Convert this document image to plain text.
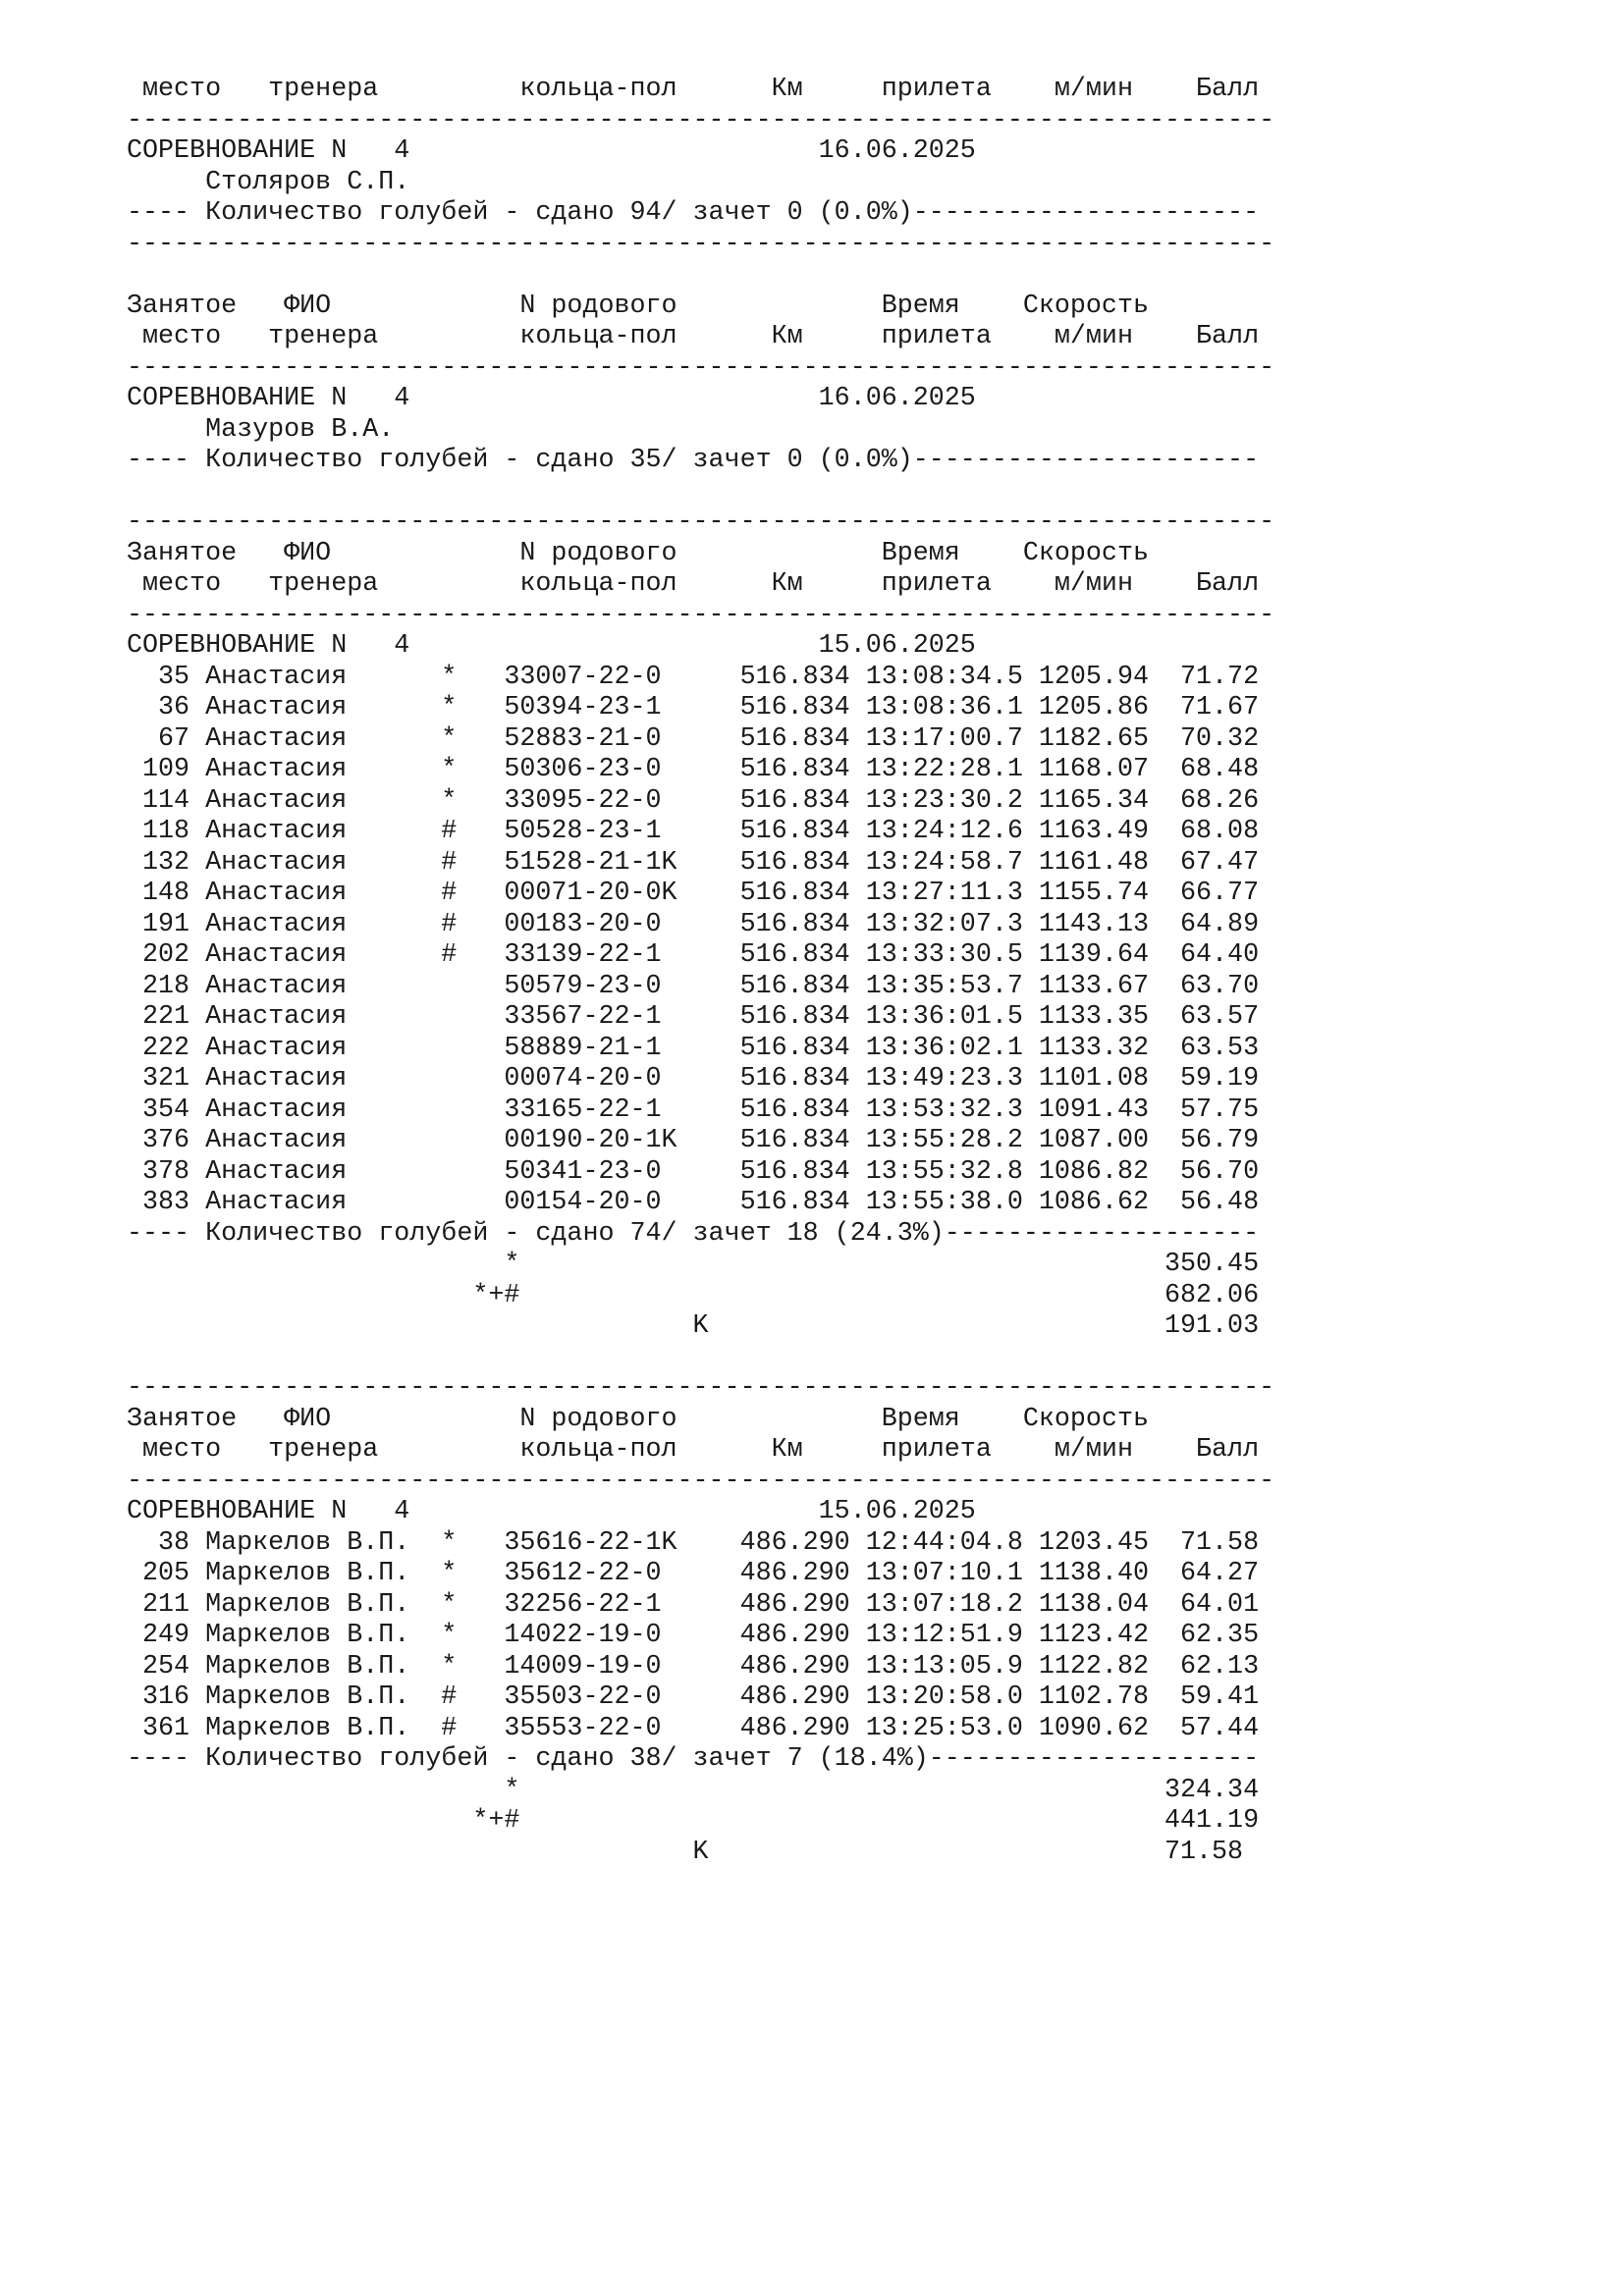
место   тренера         кольца-пол      Км     прилета    м/мин    Балл
-------------------------------------------------------------------------
СОРЕВНОВАНИЕ N   4                          16.06.2025
Столяров С.П.
---- Количество голубей - сдано 94/ зачет 0 (0.0%)----------------------
-------------------------------------------------------------------------
Занятое   ФИО            N родового             Время    Скорость
место   тренера         кольца-пол      Км     прилета    м/мин    Балл
-------------------------------------------------------------------------
СОРЕВНОВАНИЕ N   4                          16.06.2025
Мазуров В.А.
---- Количество голубей - сдано 35/ зачет 0 (0.0%)----------------------
-------------------------------------------------------------------------
Занятое   ФИО            N родового             Время    Скорость
место   тренера         кольца-пол      Км     прилета    м/мин    Балл
-------------------------------------------------------------------------
СОРЕВНОВАНИЕ N   4                          15.06.2025
35 Анастасия      *   33007-22-0     516.834 13:08:34.5 1205.94  71.72
36 Анастасия      *   50394-23-1     516.834 13:08:36.1 1205.86  71.67
67 Анастасия      *   52883-21-0     516.834 13:17:00.7 1182.65  70.32
109 Анастасия      *   50306-23-0     516.834 13:22:28.1 1168.07  68.48
114 Анастасия      *   33095-22-0     516.834 13:23:30.2 1165.34  68.26
118 Анастасия      #   50528-23-1     516.834 13:24:12.6 1163.49  68.08
132 Анастасия      #   51528-21-1K    516.834 13:24:58.7 1161.48  67.47
148 Анастасия      #   00071-20-0K    516.834 13:27:11.3 1155.74  66.77
191 Анастасия      #   00183-20-0     516.834 13:32:07.3 1143.13  64.89
202 Анастасия      #   33139-22-1     516.834 13:33:30.5 1139.64  64.40
218 Анастасия          50579-23-0     516.834 13:35:53.7 1133.67  63.70
221 Анастасия          33567-22-1     516.834 13:36:01.5 1133.35  63.57
222 Анастасия          58889-21-1     516.834 13:36:02.1 1133.32  63.53
321 Анастасия          00074-20-0     516.834 13:49:23.3 1101.08  59.19
354 Анастасия          33165-22-1     516.834 13:53:32.3 1091.43  57.75
376 Анастасия          00190-20-1K    516.834 13:55:28.2 1087.00  56.79
378 Анастасия          50341-23-0     516.834 13:55:32.8 1086.82  56.70
383 Анастасия          00154-20-0     516.834 13:55:38.0 1086.62  56.48
---- Количество голубей - сдано 74/ зачет 18 (24.3%)--------------------
*                                         350.45
*+#                                         682.06
K                             191.03
-------------------------------------------------------------------------
Занятое   ФИО            N родового             Время    Скорость
место   тренера         кольца-пол      Км     прилета    м/мин    Балл
-------------------------------------------------------------------------
СОРЕВНОВАНИЕ N   4                          15.06.2025
38 Маркелов В.П.  *   35616-22-1K    486.290 12:44:04.8 1203.45  71.58
205 Маркелов В.П.  *   35612-22-0     486.290 13:07:10.1 1138.40  64.27
211 Маркелов В.П.  *   32256-22-1     486.290 13:07:18.2 1138.04  64.01
249 Маркелов В.П.  *   14022-19-0     486.290 13:12:51.9 1123.42  62.35
254 Маркелов В.П.  *   14009-19-0     486.290 13:13:05.9 1122.82  62.13
316 Маркелов В.П.  #   35503-22-0     486.290 13:20:58.0 1102.78  59.41
361 Маркелов В.П.  #   35553-22-0     486.290 13:25:53.0 1090.62  57.44
---- Количество голубей - сдано 38/ зачет 7 (18.4%)---------------------
*                                         324.34
*+#                                         441.19
K                             71.58
